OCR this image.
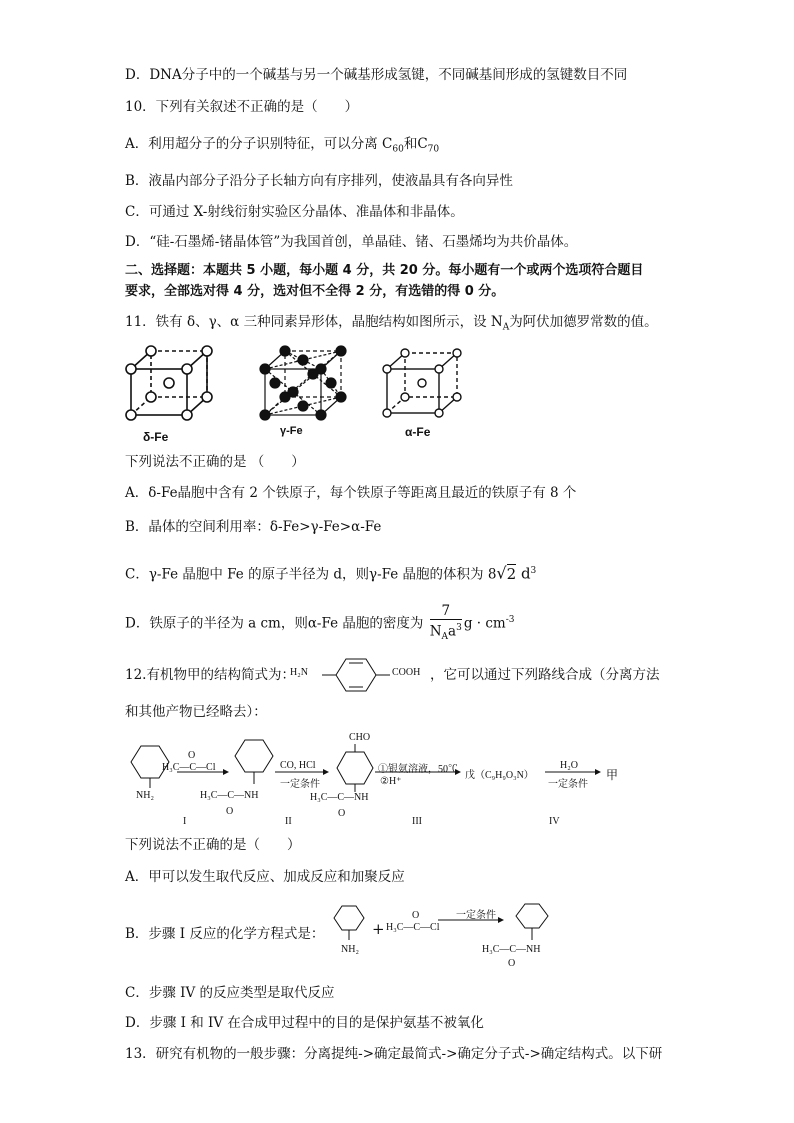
D．DNA分子中的一个碱基与另一个碱基形成氢键，不同碱基间形成的氢键数目不同
10．下列有关叙述不正确的是（　　）
A．利用超分子的分子识别特征，可以分离 $C_{60}$和$C_{70}$
B．液晶内部分子沿分子长轴方向有序排列，使液晶具有各向异性
C．可通过 X-射线衍射实验区分晶体、准晶体和非晶体。
D．“硅-石墨烯-锗晶体管”为我国首创，单晶硅、锗、石墨烯均为共价晶体。
二、选择题：本题共 5 小题，每小题 4 分，共 20 分。每小题有一个或两个选项符合题目
要求，全部选对得 4 分，选对但不全得 2 分，有选错的得 0 分。
11．铁有 δ、γ、α 三种同素异形体，晶胞结构如图所示，设 $N_A$为阿伏加德罗常数的值。
δ-Fe	γ-Fe	α-Fe
下列说法不正确的是 （　　）
A．δ-Fe晶胞中含有 2 个铁原子，每个铁原子等距离且最近的铁原子有 8 个
B．晶体的空间利用率：δ-Fe>γ-Fe>α-Fe
C．γ-Fe 晶胞中 Fe 的原子半径为 d，则γ-Fe 晶胞的体积为 8√2 $d^3$
D．铁原子的半径为 a cm，则α-Fe 晶胞的密度为 $\frac{7}{N_Aa^3}$ $g \cdot cm^{-3}$
12.有机物甲的结构简式为：
H₂N	COOH ，它可以通过下列路线合成（分离方法
和其他产物已经略去）：
NH₂
H₃C—C—Cl
O
H₃C—C—NH
O
CO, HCl
一定条件
CHO
H₃C—C—NH
O
①银氨溶液，50℃
②H⁺
戊（C₉H₉O₃N）
H₂O
一定条件
甲
I	II	III	IV
下列说法不正确的是（　　）
A．甲可以发生取代反应、加成反应和加聚反应
B．步骤 I 反应的化学方程式是：
NH₂
+ H₃C—C—Cl
O	一定条件
H₃C—C—NH
O
C．步骤 IV 的反应类型是取代反应
D．步骤 I 和 IV 在合成甲过程中的目的是保护氨基不被氧化
13．研究有机物的一般步骤：分离提纯->确定最简式->确定分子式->确定结构式。以下研
